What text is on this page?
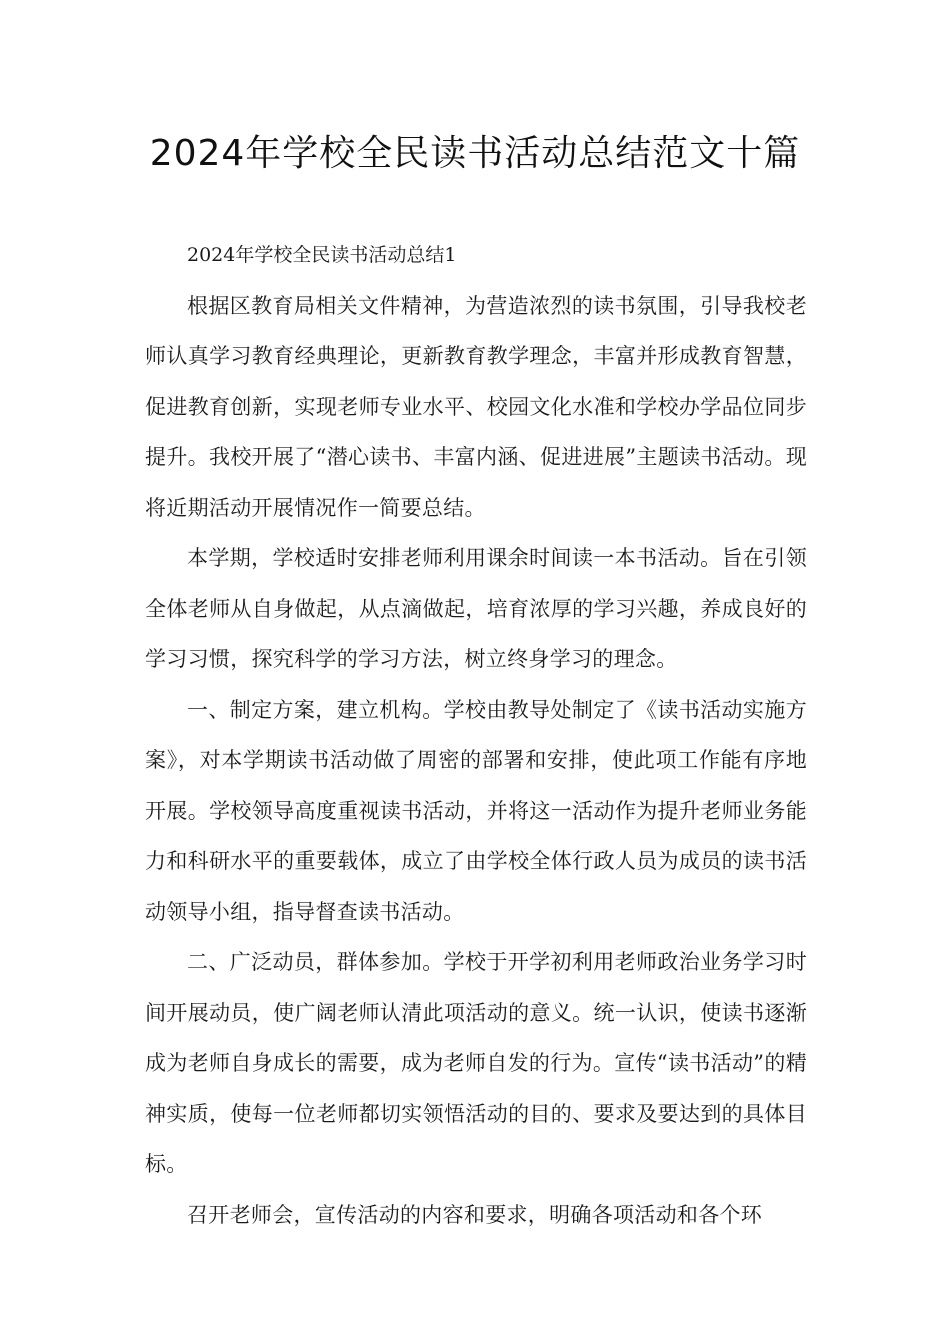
2024年学校全民读书活动总结范文十篇

2024年学校全民读书活动总结1

根据区教育局相关文件精神，为营造浓烈的读书氛围，引导我校老师认真学习教育经典理论，更新教育教学理念，丰富并形成教育智慧，促进教育创新，实现老师专业水平、校园文化水准和学校办学品位同步提升。我校开展了“潜心读书、丰富内涵、促进进展”主题读书活动。现将近期活动开展情况作一简要总结。

本学期，学校适时安排老师利用课余时间读一本书活动。旨在引领全体老师从自身做起，从点滴做起，培育浓厚的学习兴趣，养成良好的学习习惯，探究科学的学习方法，树立终身学习的理念。

一、制定方案，建立机构。学校由教导处制定了《读书活动实施方案》，对本学期读书活动做了周密的部署和安排，使此项工作能有序地开展。学校领导高度重视读书活动，并将这一活动作为提升老师业务能力和科研水平的重要载体，成立了由学校全体行政人员为成员的读书活动领导小组，指导督查读书活动。

二、广泛动员，群体参加。学校于开学初利用老师政治业务学习时间开展动员，使广阔老师认清此项活动的意义。统一认识，使读书逐渐成为老师自身成长的需要，成为老师自发的行为。宣传“读书活动”的精神实质，使每一位老师都切实领悟活动的目的、要求及要达到的具体目标。

召开老师会，宣传活动的内容和要求，明确各项活动和各个环
